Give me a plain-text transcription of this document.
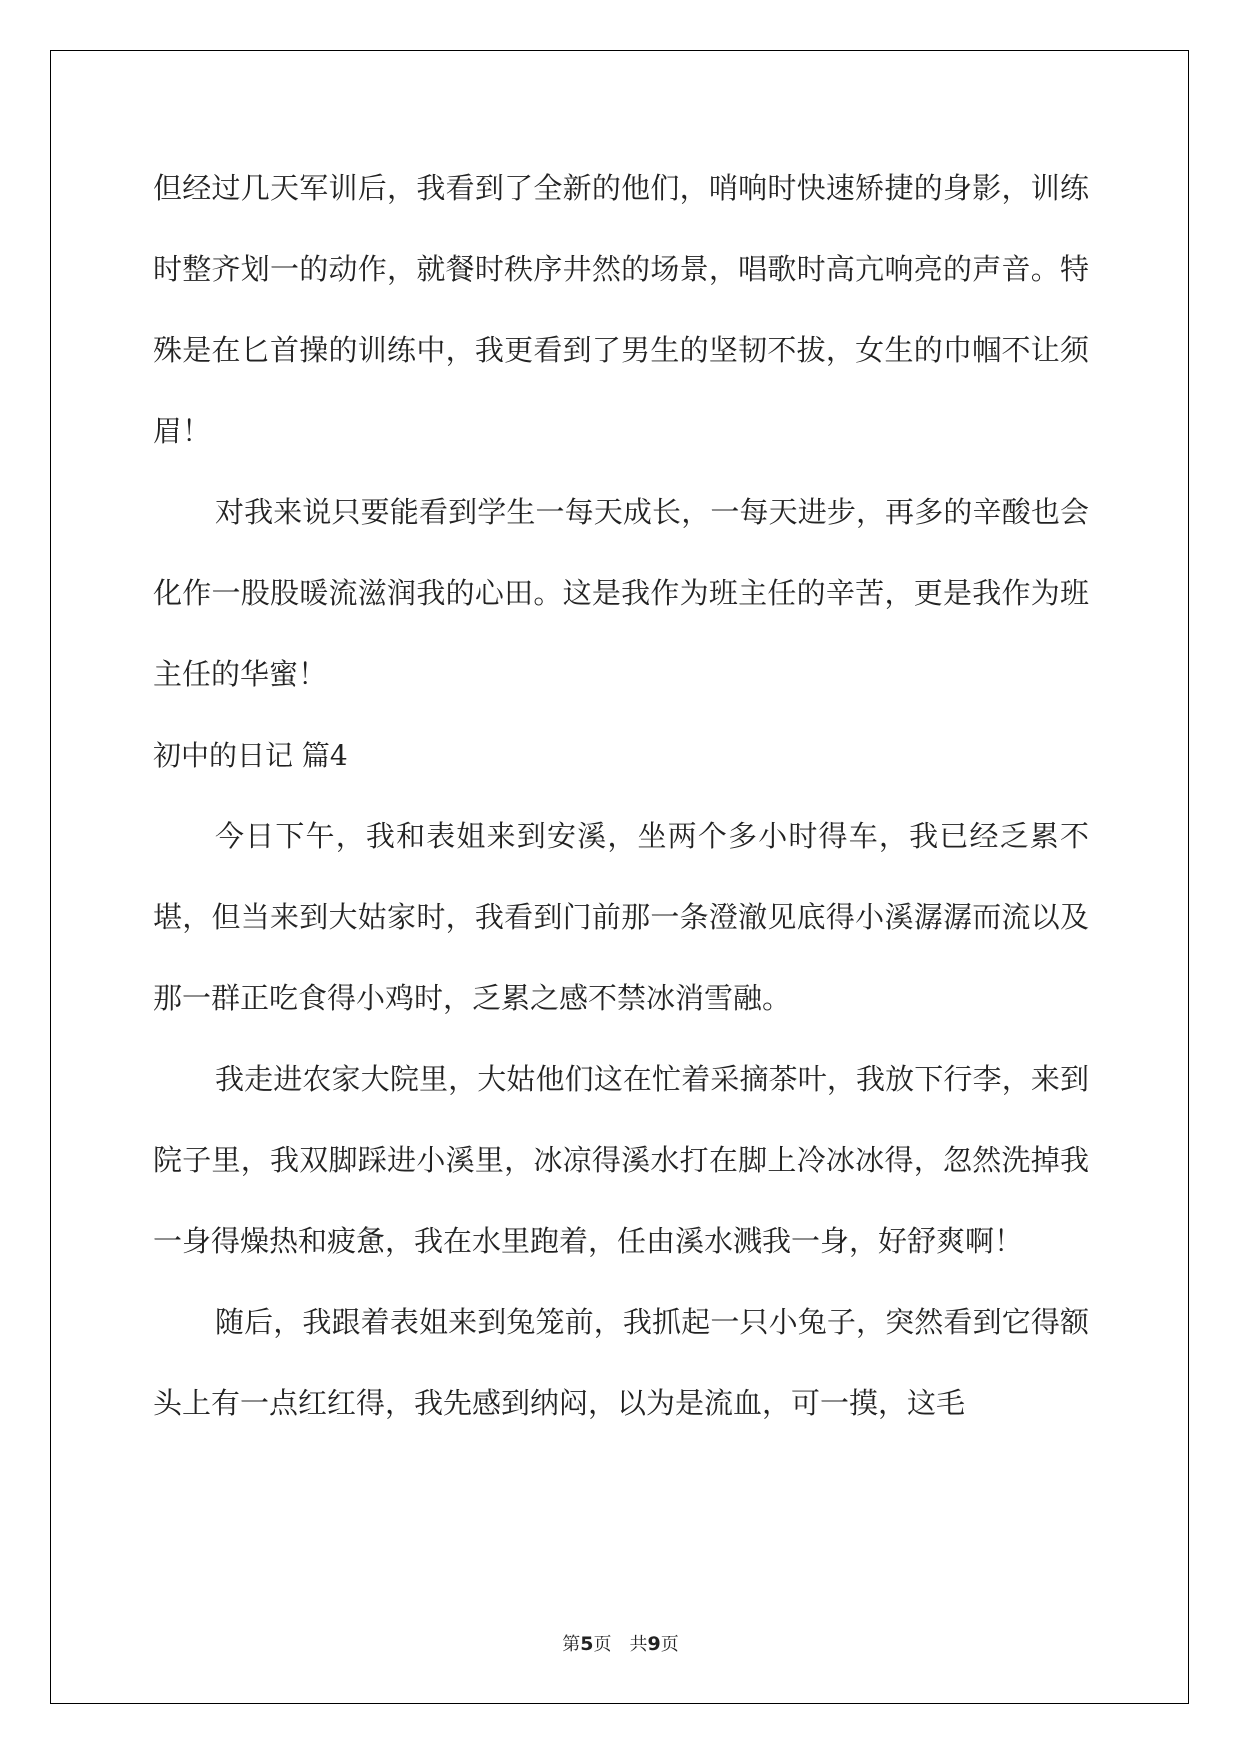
但经过几天军训后，我看到了全新的他们，哨响时快速矫捷的身影，训练时整齐划一的动作，就餐时秩序井然的场景，唱歌时高亢响亮的声音。特殊是在匕首操的训练中，我更看到了男生的坚韧不拔，女生的巾帼不让须眉！

对我来说只要能看到学生一每天成长，一每天进步，再多的辛酸也会化作一股股暖流滋润我的心田。这是我作为班主任的辛苦，更是我作为班主任的华蜜！

初中的日记 篇4

今日下午，我和表姐来到安溪，坐两个多小时得车，我已经乏累不堪，但当来到大姑家时，我看到门前那一条澄澈见底得小溪潺潺而流以及那一群正吃食得小鸡时，乏累之感不禁冰消雪融。

我走进农家大院里，大姑他们这在忙着采摘茶叶，我放下行李，来到院子里，我双脚踩进小溪里，冰凉得溪水打在脚上冷冰冰得，忽然洗掉我一身得燥热和疲惫，我在水里跑着，任由溪水溅我一身，好舒爽啊！

随后，我跟着表姐来到兔笼前，我抓起一只小兔子，突然看到它得额头上有一点红红得，我先感到纳闷，以为是流血，可一摸，这毛

第5页 共9页
